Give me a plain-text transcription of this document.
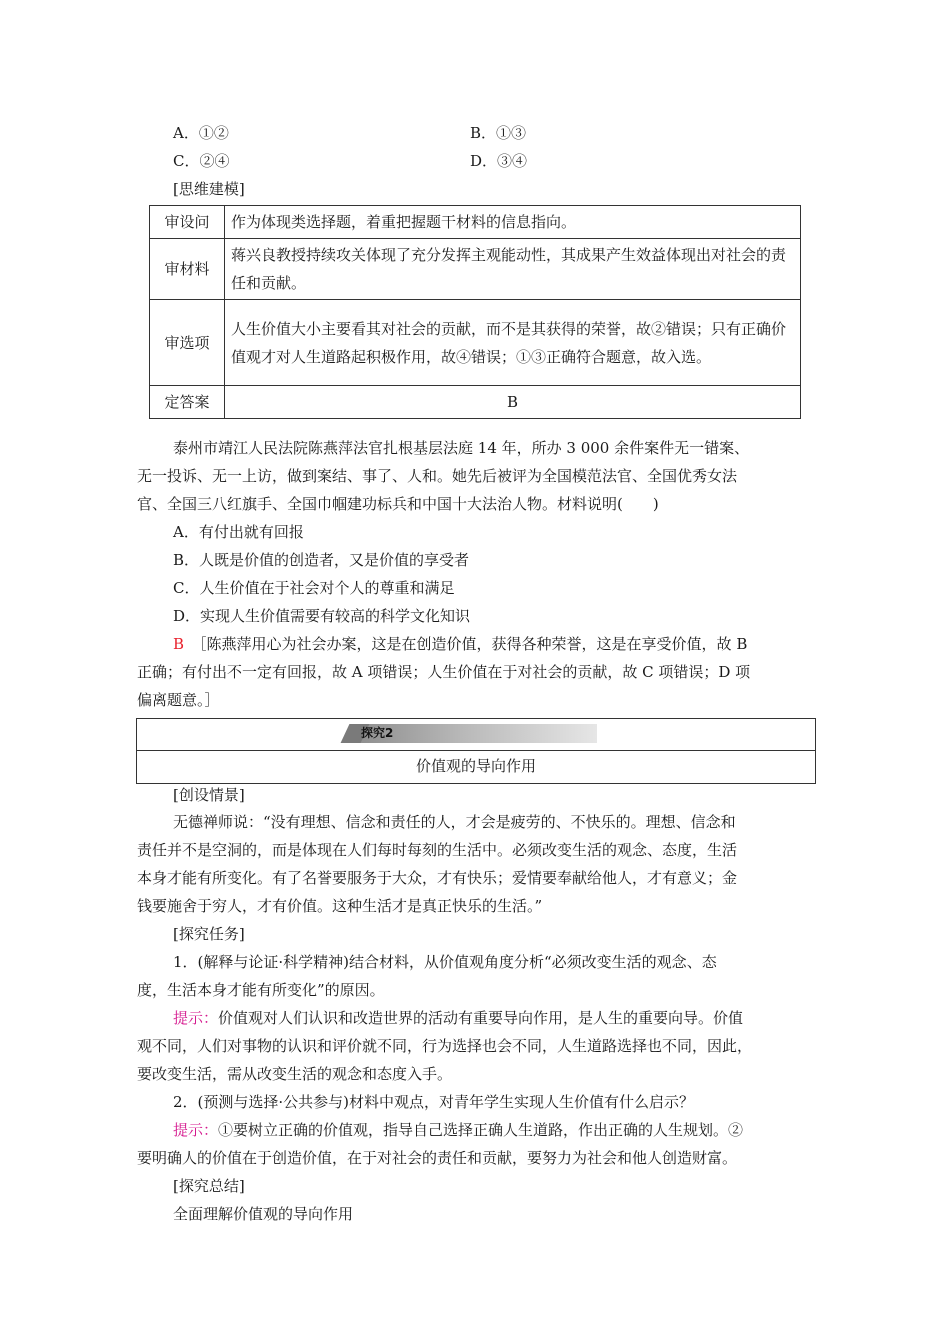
A．①②	B．①③
C．②④	D．③④
[思维建模]
审设问	作为体现类选择题，着重把握题干材料的信息指向。
审材料	蒋兴良教授持续攻关体现了充分发挥主观能动性，其成果产生效益体现出对社会的责任和贡献。
审选项	人生价值大小主要看其对社会的贡献，而不是其获得的荣誉，故②错误；只有正确价值观才对人生道路起积极作用，故④错误；①③正确符合题意，故入选。
定答案	B
泰州市靖江人民法院陈燕萍法官扎根基层法庭 14 年，所办 3 000 余件案件无一错案、
无一投诉、无一上访，做到案结、事了、人和。她先后被评为全国模范法官、全国优秀女法
官、全国三八红旗手、全国巾帼建功标兵和中国十大法治人物。材料说明(　　)
A．有付出就有回报
B．人既是价值的创造者，又是价值的享受者
C．人生价值在于社会对个人的尊重和满足
D．实现人生价值需要有较高的科学文化知识
B　 ［陈燕萍用心为社会办案，这是在创造价值，获得各种荣誉，这是在享受价值，故 B
正确；有付出不一定有回报，故 A 项错误；人生价值在于对社会的贡献，故 C 项错误；D 项
偏离题意。］
探究2
价值观的导向作用
[创设情景]
无德禅师说：“没有理想、信念和责任的人，才会是疲劳的、不快乐的。理想、信念和
责任并不是空洞的，而是体现在人们每时每刻的生活中。必须改变生活的观念、态度，生活
本身才能有所变化。有了名誉要服务于大众，才有快乐；爱情要奉献给他人，才有意义；金
钱要施舍于穷人，才有价值。这种生活才是真正快乐的生活。”
[探究任务]
1．(解释与论证·科学精神)结合材料，从价值观角度分析“必须改变生活的观念、态
度，生活本身才能有所变化”的原因。
提示：价值观对人们认识和改造世界的活动有重要导向作用，是人生的重要向导。价值
观不同，人们对事物的认识和评价就不同，行为选择也会不同，人生道路选择也不同，因此，
要改变生活，需从改变生活的观念和态度入手。
2．(预测与选择·公共参与)材料中观点，对青年学生实现人生价值有什么启示？
提示：①要树立正确的价值观，指导自己选择正确人生道路，作出正确的人生规划。②
要明确人的价值在于创造价值，在于对社会的责任和贡献，要努力为社会和他人创造财富。
[探究总结]
全面理解价值观的导向作用
